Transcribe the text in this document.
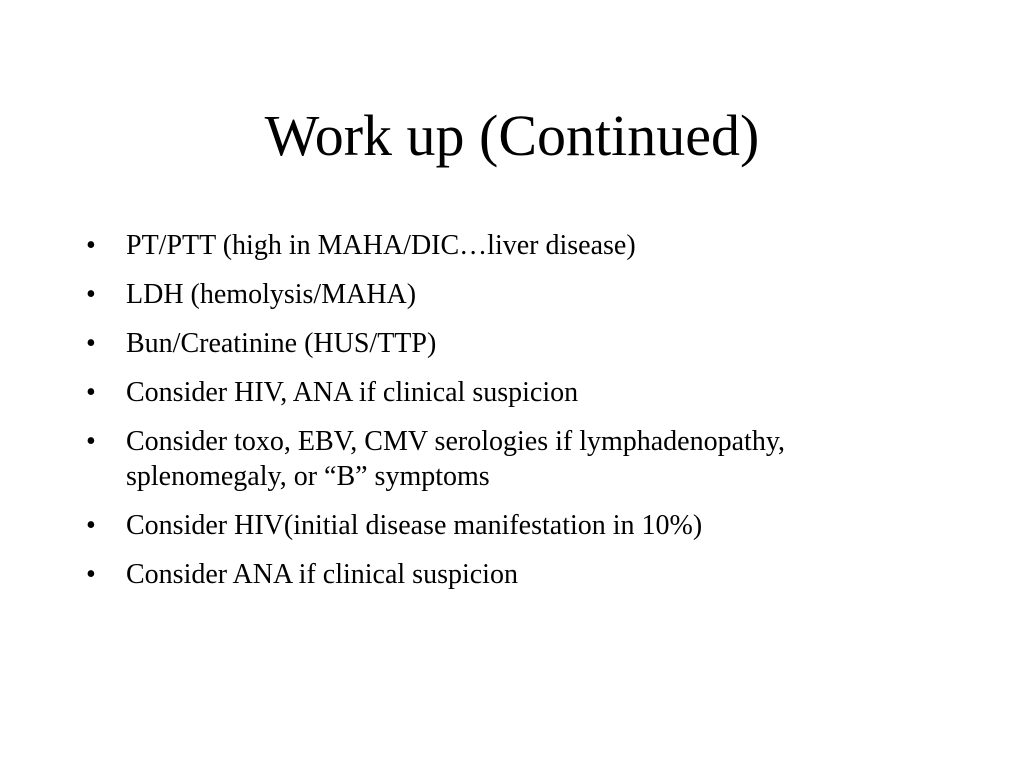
Work up (Continued)
•	PT/PTT (high in MAHA/DIC…liver disease)
•	LDH (hemolysis/MAHA)
•	Bun/Creatinine (HUS/TTP)
•	Consider HIV, ANA if clinical suspicion
•	Consider toxo, EBV, CMV serologies if lymphadenopathy, splenomegaly, or “B” symptoms
•	Consider HIV(initial disease manifestation in 10%)
•	Consider ANA if clinical suspicion
